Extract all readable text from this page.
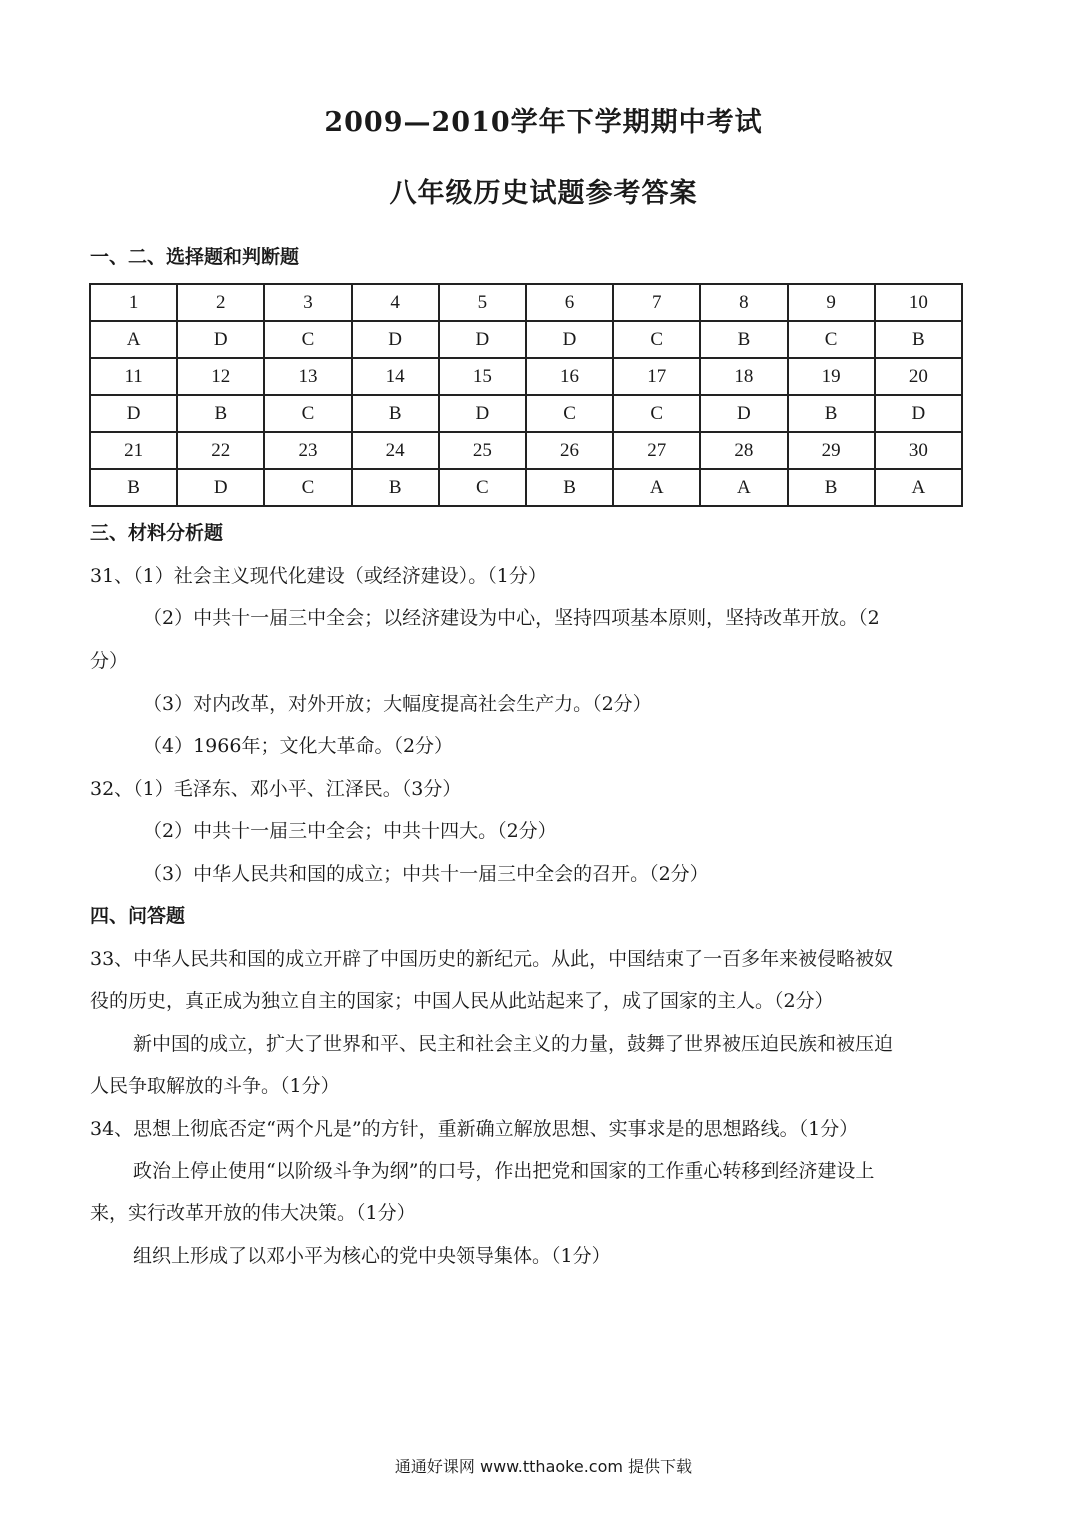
2009—2010学年下学期期中考试
八年级历史试题参考答案
一、二、选择题和判断题
1	2	3	4	5	6	7	8	9	10
A	D	C	D	D	D	C	B	C	B
11	12	13	14	15	16	17	18	19	20
D	B	C	B	D	C	C	D	B	D
21	22	23	24	25	26	27	28	29	30
B	D	C	B	C	B	A	A	B	A
三、材料分析题
31、（1）社会主义现代化建设（或经济建设）。（1分）
（2）中共十一届三中全会；以经济建设为中心，坚持四项基本原则，坚持改革开放。（2
分）
（3）对内改革，对外开放；大幅度提高社会生产力。（2分）
（4）1966年；文化大革命。（2分）
32、（1）毛泽东、邓小平、江泽民。（3分）
（2）中共十一届三中全会；中共十四大。（2分）
（3）中华人民共和国的成立；中共十一届三中全会的召开。（2分）
四、问答题
33、中华人民共和国的成立开辟了中国历史的新纪元。从此，中国结束了一百多年来被侵略被奴
役的历史，真正成为独立自主的国家；中国人民从此站起来了，成了国家的主人。（2分）
新中国的成立，扩大了世界和平、民主和社会主义的力量，鼓舞了世界被压迫民族和被压迫
人民争取解放的斗争。（1分）
34、思想上彻底否定“两个凡是”的方针，重新确立解放思想、实事求是的思想路线。（1分）
政治上停止使用“以阶级斗争为纲”的口号，作出把党和国家的工作重心转移到经济建设上
来，实行改革开放的伟大决策。（1分）
组织上形成了以邓小平为核心的党中央领导集体。（1分）
通通好课网 www.tthaoke.com 提供下载
